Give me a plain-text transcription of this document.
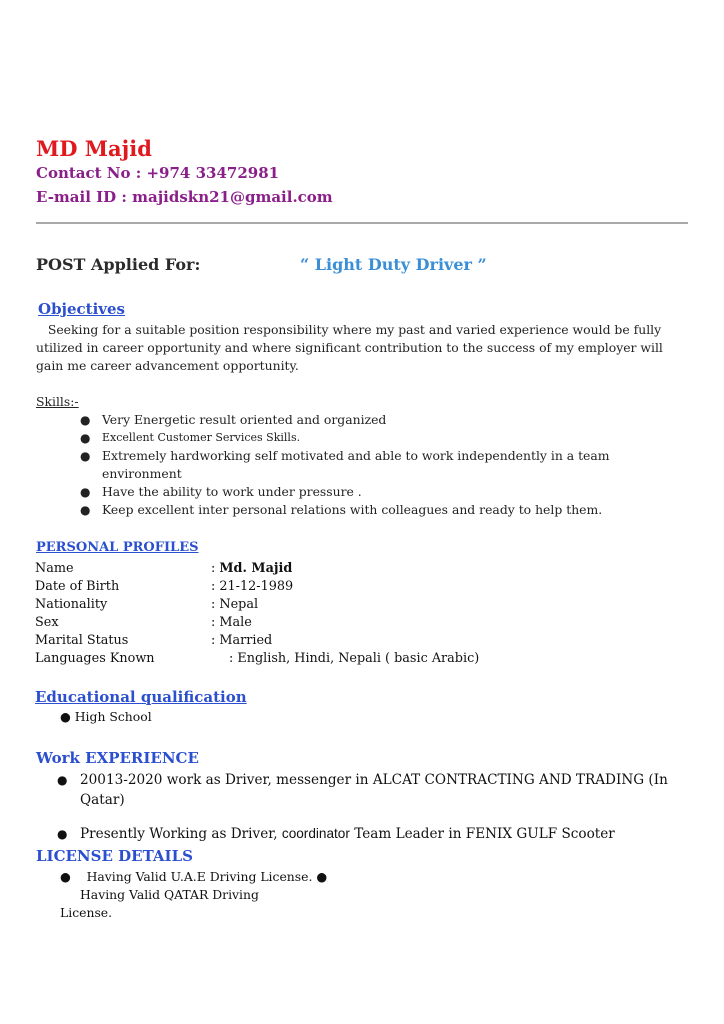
MD Majid
Contact No : +974 33472981
E-mail ID : majidskn21@gmail.com
POST Applied For:	“ Light Duty Driver ”
Objectives
Seeking for a suitable position responsibility where my past and varied experience would be fully utilized in career opportunity and where significant contribution to the success of my employer will gain me career advancement opportunity.
Skills:-
● Very Energetic result oriented and organized
● Excellent Customer Services Skills.
● Extremely hardworking self motivated and able to work independently in a team environment
● Have the ability to work under pressure .
● Keep excellent inter personal relations with colleagues and ready to help them.
PERSONAL PROFILES
Name	: Md. Majid
Date of Birth	: 21-12-1989
Nationality	: Nepal
Sex	: Male
Marital Status	: Married
Languages Known	: English, Hindi, Nepali ( basic Arabic)
Educational qualification
● High School
Work EXPERIENCE
● 20013-2020 work as Driver, messenger in ALCAT CONTRACTING AND TRADING (In Qatar)
● Presently Working as Driver, coordinator Team Leader in FENIX GULF Scooter
LICENSE DETAILS
● Having Valid U.A.E Driving License. ●
Having Valid QATAR Driving
License.
